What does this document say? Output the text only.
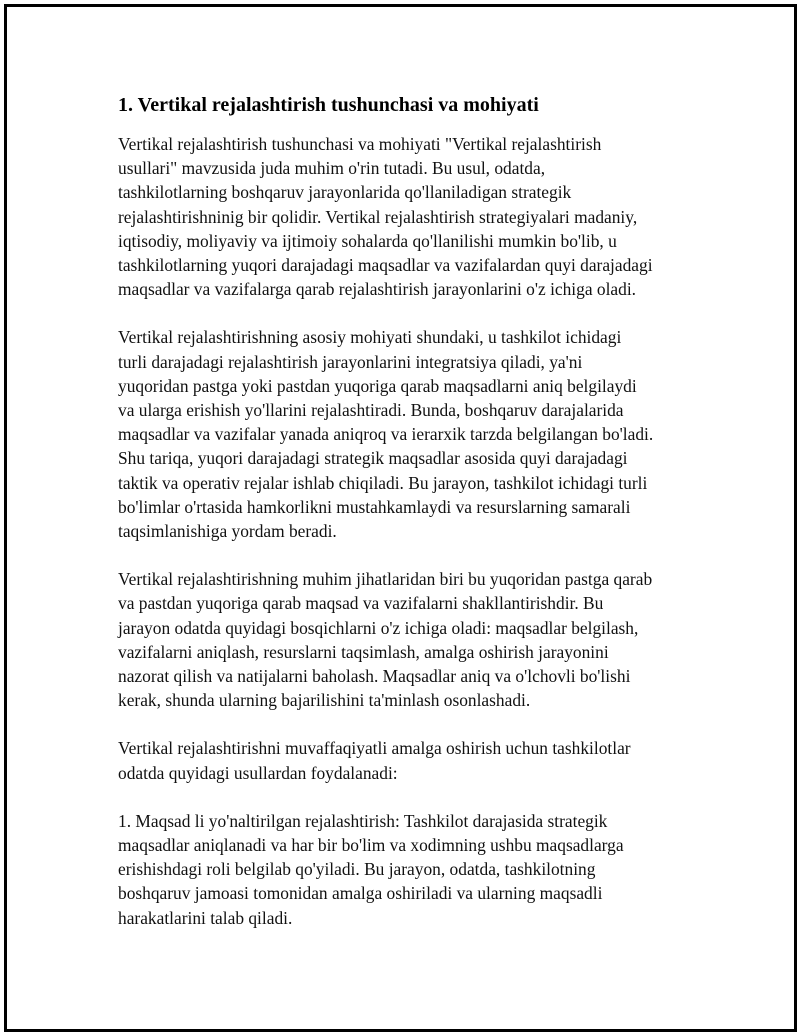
1. Vertikal rejalashtirish tushunchasi va mohiyati

Vertikal rejalashtirish tushunchasi va mohiyati "Vertikal rejalashtirish
usullari" mavzusida juda muhim o'rin tutadi. Bu usul, odatda,
tashkilotlarning boshqaruv jarayonlarida qo'llaniladigan strategik
rejalashtirishninig bir qolidir. Vertikal rejalashtirish strategiyalari madaniy,
iqtisodiy, moliyaviy va ijtimoiy sohalarda qo'llanilishi mumkin bo'lib, u
tashkilotlarning yuqori darajadagi maqsadlar va vazifalardan quyi darajadagi
maqsadlar va vazifalarga qarab rejalashtirish jarayonlarini o'z ichiga oladi.

Vertikal rejalashtirishning asosiy mohiyati shundaki, u tashkilot ichidagi
turli darajadagi rejalashtirish jarayonlarini integratsiya qiladi, ya'ni
yuqoridan pastga yoki pastdan yuqoriga qarab maqsadlarni aniq belgilaydi
va ularga erishish yo'llarini rejalashtiradi. Bunda, boshqaruv darajalarida
maqsadlar va vazifalar yanada aniqroq va ierarxik tarzda belgilangan bo'ladi.
Shu tariqa, yuqori darajadagi strategik maqsadlar asosida quyi darajadagi
taktik va operativ rejalar ishlab chiqiladi. Bu jarayon, tashkilot ichidagi turli
bo'limlar o'rtasida hamkorlikni mustahkamlaydi va resurslarning samarali
taqsimlanishiga yordam beradi.

Vertikal rejalashtirishning muhim jihatlaridan biri bu yuqoridan pastga qarab
va pastdan yuqoriga qarab maqsad va vazifalarni shakllantirishdir. Bu
jarayon odatda quyidagi bosqichlarni o'z ichiga oladi: maqsadlar belgilash,
vazifalarni aniqlash, resurslarni taqsimlash, amalga oshirish jarayonini
nazorat qilish va natijalarni baholash. Maqsadlar aniq va o'lchovli bo'lishi
kerak, shunda ularning bajarilishini ta'minlash osonlashadi.

Vertikal rejalashtirishni muvaffaqiyatli amalga oshirish uchun tashkilotlar
odatda quyidagi usullardan foydalanadi:

1. Maqsad li yo'naltirilgan rejalashtirish: Tashkilot darajasida strategik
maqsadlar aniqlanadi va har bir bo'lim va xodimning ushbu maqsadlarga
erishishdagi roli belgilab qo'yiladi. Bu jarayon, odatda, tashkilotning
boshqaruv jamoasi tomonidan amalga oshiriladi va ularning maqsadli
harakatlarini talab qiladi.
